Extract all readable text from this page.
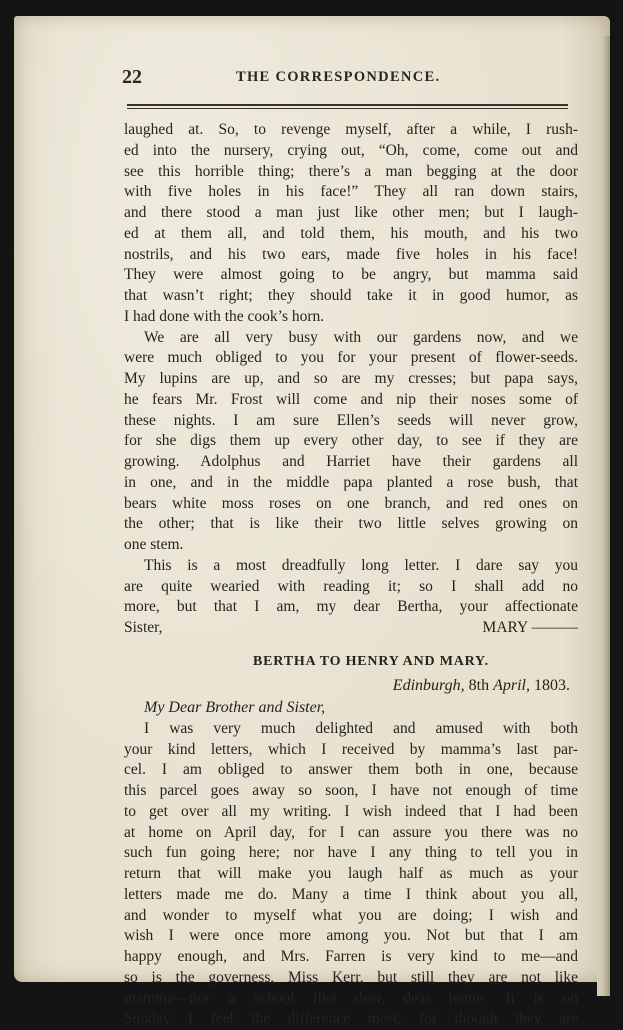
22	THE CORRESPONDENCE.
laughed at. So, to revenge myself, after a while, I rush-
ed into the nursery, crying out, “Oh, come, come out and
see this horrible thing; there’s a man begging at the door
with five holes in his face!” They all ran down stairs,
and there stood a man just like other men; but I laugh-
ed at them all, and told them, his mouth, and his two
nostrils, and his two ears, made five holes in his face!
They were almost going to be angry, but mamma said
that wasn’t right; they should take it in good humor, as
I had done with the cook’s horn.
We are all very busy with our gardens now, and we
were much obliged to you for your present of flower-seeds.
My lupins are up, and so are my cresses; but papa says,
he fears Mr. Frost will come and nip their noses some of
these nights. I am sure Ellen’s seeds will never grow,
for she digs them up every other day, to see if they are
growing. Adolphus and Harriet have their gardens all
in one, and in the middle papa planted a rose bush, that
bears white moss roses on one branch, and red ones on
the other; that is like their two little selves growing on
one stem.
This is a most dreadfully long letter. I dare say you
are quite wearied with reading it; so I shall add no
more, but that I am, my dear Bertha, your affectionate
Sister,	MARY ———
BERTHA TO HENRY AND MARY.
Edinburgh, 8th April, 1803.
My Dear Brother and Sister,
I was very much delighted and amused with both
your kind letters, which I received by mamma’s last par-
cel. I am obliged to answer them both in one, because
this parcel goes away so soon, I have not enough of time
to get over all my writing. I wish indeed that I had been
at home on April day, for I can assure you there was no
such fun going here; nor have I any thing to tell you in
return that will make you laugh half as much as your
letters made me do. Many a time I think about you all,
and wonder to myself what you are doing; I wish and
wish I were once more among you. Not but that I am
happy enough, and Mrs. Farren is very kind to me—and
so is the governess, Miss Kerr, but still they are not like
mamma—nor a school like dear, dear home. It is on
Sunday I feel the difference most, for though they are
